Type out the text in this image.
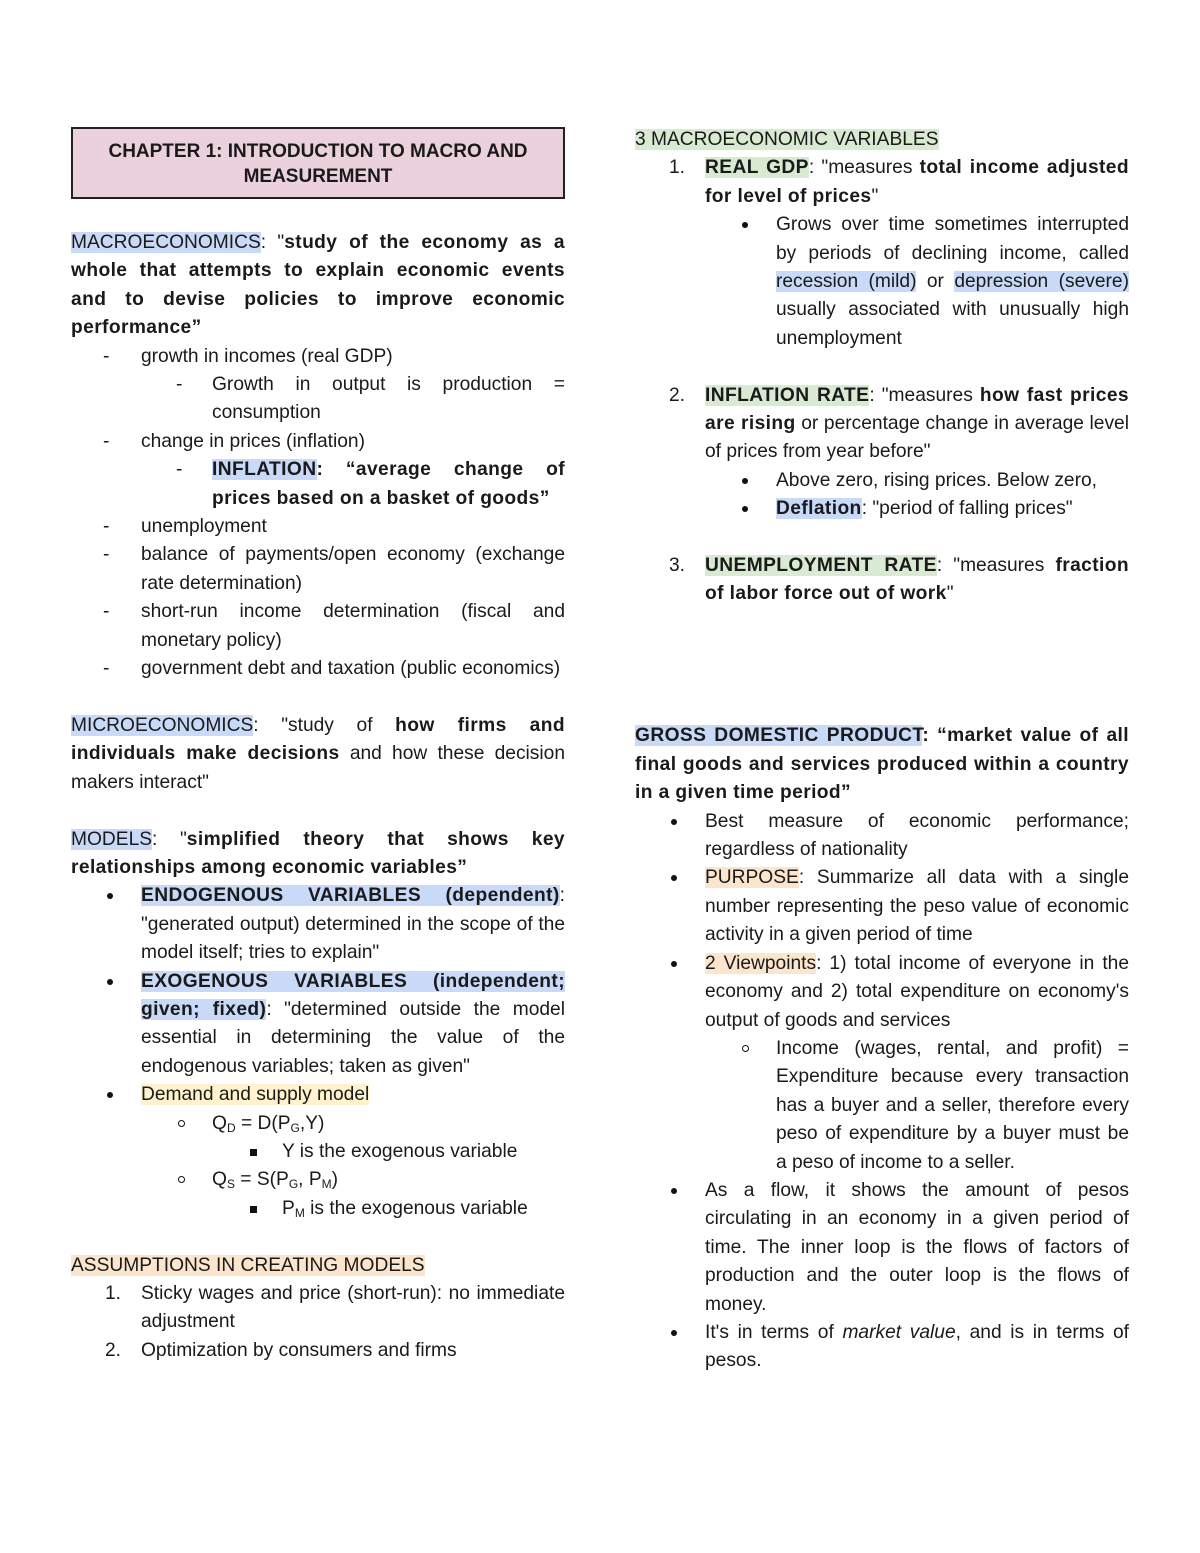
CHAPTER 1: INTRODUCTION TO MACRO AND MEASUREMENT

MACROECONOMICS: "study of the economy as a whole that attempts to explain economic events and to devise policies to improve economic performance”

- growth in incomes (real GDP)
- Growth in output is production = consumption
- change in prices (inflation)
- INFLATION: “average change of prices based on a basket of goods”
- unemployment
- balance of payments/open economy (exchange rate determination)
- short-run income determination (fiscal and monetary policy)
- government debt and taxation (public economics)

MICROECONOMICS: "study of how firms and individuals make decisions and how these decision makers interact"

MODELS: "simplified theory that shows key relationships among economic variables”

ENDOGENOUS VARIABLES (dependent): "generated output) determined in the scope of the model itself; tries to explain"
EXOGENOUS VARIABLES (independent; given; fixed): "determined outside the model essential in determining the value of the endogenous variables; taken as given"
Demand and supply model
$Q_D = D(P_G,Y)$
Y is the exogenous variable
$Q_S = S(P_G$, $P_M$)
$P_M$ is the exogenous variable

ASSUMPTIONS IN CREATING MODELS

1. Sticky wages and price (short-run): no immediate adjustment
2. Optimization by consumers and firms

3 MACROECONOMIC VARIABLES

1. REAL GDP: "measures total income adjusted for level of prices"
Grows over time sometimes interrupted by periods of declining income, called recession (mild) or depression (severe) usually associated with unusually high unemployment
2. INFLATION RATE: "measures how fast prices are rising or percentage change in average level of prices from year before"
Above zero, rising prices. Below zero,
Deflation: "period of falling prices"
3. UNEMPLOYMENT RATE: "measures fraction of labor force out of work"

GROSS DOMESTIC PRODUCT: “market value of all final goods and services produced within a country in a given time period”

Best measure of economic performance; regardless of nationality
PURPOSE: Summarize all data with a single number representing the peso value of economic activity in a given period of time
2 Viewpoints: 1) total income of everyone in the economy and 2) total expenditure on economy's output of goods and services
Income (wages, rental, and profit) = Expenditure because every transaction has a buyer and a seller, therefore every peso of expenditure by a buyer must be a peso of income to a seller.
As a flow, it shows the amount of pesos circulating in an economy in a given period of time. The inner loop is the flows of factors of production and the outer loop is the flows of money.
It's in terms of market value, and is in terms of pesos.
